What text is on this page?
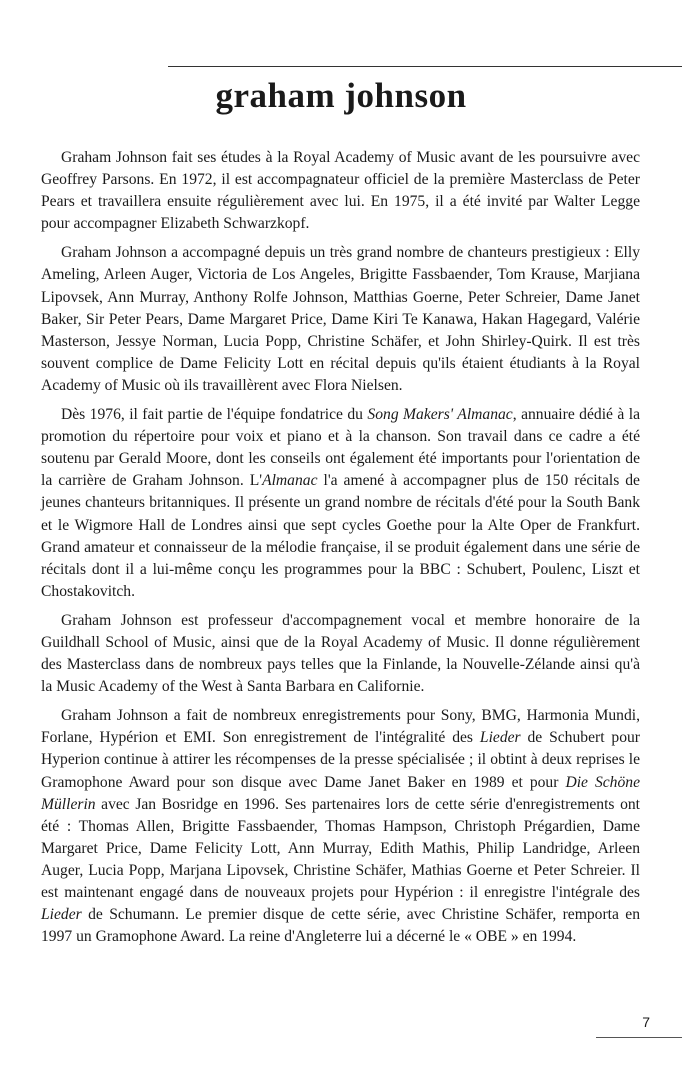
graham johnson

Graham Johnson fait ses études à la Royal Academy of Music avant de les poursuivre avec Geoffrey Parsons. En 1972, il est accompagnateur officiel de la première Masterclass de Peter Pears et travaillera ensuite régulièrement avec lui. En 1975, il a été invité par Walter Legge pour accompagner Elizabeth Schwarzkopf.

Graham Johnson a accompagné depuis un très grand nombre de chanteurs prestigieux : Elly Ameling, Arleen Auger, Victoria de Los Angeles, Brigitte Fassbaender, Tom Krause, Marjiana Lipovsek, Ann Murray, Anthony Rolfe Johnson, Matthias Goerne, Peter Schreier, Dame Janet Baker, Sir Peter Pears, Dame Margaret Price, Dame Kiri Te Kanawa, Hakan Hagegard, Valérie Masterson, Jessye Norman, Lucia Popp, Christine Schäfer, et John Shirley-Quirk. Il est très souvent complice de Dame Felicity Lott en récital depuis qu'ils étaient étudiants à la Royal Academy of Music où ils travaillèrent avec Flora Nielsen.

Dès 1976, il fait partie de l'équipe fondatrice du Song Makers' Almanac, annuaire dédié à la promotion du répertoire pour voix et piano et à la chanson. Son travail dans ce cadre a été soutenu par Gerald Moore, dont les conseils ont également été importants pour l'orientation de la carrière de Graham Johnson. L'Almanac l'a amené à accompagner plus de 150 récitals de jeunes chanteurs britanniques. Il présente un grand nombre de récitals d'été pour la South Bank et le Wigmore Hall de Londres ainsi que sept cycles Goethe pour la Alte Oper de Frankfurt. Grand amateur et connaisseur de la mélodie française, il se produit également dans une série de récitals dont il a lui-même conçu les programmes pour la BBC : Schubert, Poulenc, Liszt et Chostakovitch.

Graham Johnson est professeur d'accompagnement vocal et membre honoraire de la Guildhall School of Music, ainsi que de la Royal Academy of Music. Il donne régulièrement des Masterclass dans de nombreux pays telles que la Finlande, la Nouvelle-Zélande ainsi qu'à la Music Academy of the West à Santa Barbara en Californie.

Graham Johnson a fait de nombreux enregistrements pour Sony, BMG, Harmonia Mundi, Forlane, Hypérion et EMI. Son enregistrement de l'intégralité des Lieder de Schubert pour Hyperion continue à attirer les récompenses de la presse spécialisée ; il obtint à deux reprises le Gramophone Award pour son disque avec Dame Janet Baker en 1989 et pour Die Schöne Müllerin avec Jan Bosridge en 1996. Ses partenaires lors de cette série d'enregistrements ont été : Thomas Allen, Brigitte Fassbaender, Thomas Hampson, Christoph Prégardien, Dame Margaret Price, Dame Felicity Lott, Ann Murray, Edith Mathis, Philip Landridge, Arleen Auger, Lucia Popp, Marjana Lipovsek, Christine Schäfer, Mathias Goerne et Peter Schreier. Il est maintenant engagé dans de nouveaux projets pour Hypérion : il enregistre l'intégrale des Lieder de Schumann. Le premier disque de cette série, avec Christine Schäfer, remporta en 1997 un Gramophone Award. La reine d'Angleterre lui a décerné le « OBE » en 1994.

7
